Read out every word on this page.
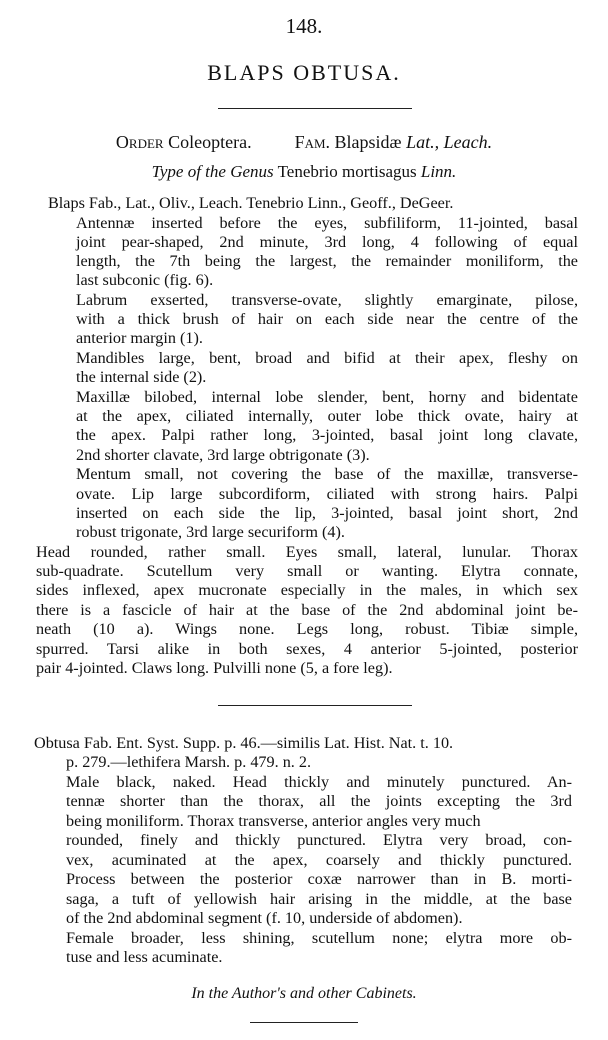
148.
BLAPS OBTUSA.
Order Coleoptera. Fam. Blapsidæ Lat., Leach.
Type of the Genus Tenebrio mortisagus Linn.
Blaps Fab., Lat., Oliv., Leach. Tenebrio Linn., Geoff., DeGeer.
Antennæ inserted before the eyes, subfiliform, 11-jointed, basal
joint pear-shaped, 2nd minute, 3rd long, 4 following of equal
length, the 7th being the largest, the remainder moniliform, the
last subconic (fig. 6).
Labrum exserted, transverse-ovate, slightly emarginate, pilose,
with a thick brush of hair on each side near the centre of the
anterior margin (1).
Mandibles large, bent, broad and bifid at their apex, fleshy on
the internal side (2).
Maxillæ bilobed, internal lobe slender, bent, horny and bidentate
at the apex, ciliated internally, outer lobe thick ovate, hairy at
the apex. Palpi rather long, 3-jointed, basal joint long clavate,
2nd shorter clavate, 3rd large obtrigonate (3).
Mentum small, not covering the base of the maxillæ, transverse-
ovate. Lip large subcordiform, ciliated with strong hairs. Palpi
inserted on each side the lip, 3-jointed, basal joint short, 2nd
robust trigonate, 3rd large securiform (4).
Head rounded, rather small. Eyes small, lateral, lunular. Thorax
sub-quadrate. Scutellum very small or wanting. Elytra connate,
sides inflexed, apex mucronate especially in the males, in which sex
there is a fascicle of hair at the base of the 2nd abdominal joint be-
neath (10 a). Wings none. Legs long, robust. Tibiæ simple,
spurred. Tarsi alike in both sexes, 4 anterior 5-jointed, posterior
pair 4-jointed. Claws long. Pulvilli none (5, a fore leg).
Obtusa Fab. Ent. Syst. Supp. p. 46.—similis Lat. Hist. Nat. t. 10.
p. 279.—lethifera Marsh. p. 479. n. 2.
Male black, naked. Head thickly and minutely punctured. An-
tennæ shorter than the thorax, all the joints excepting the 3rd
being moniliform. Thorax transverse, anterior angles very much
rounded, finely and thickly punctured. Elytra very broad, con-
vex, acuminated at the apex, coarsely and thickly punctured.
Process between the posterior coxæ narrower than in B. morti-
saga, a tuft of yellowish hair arising in the middle, at the base
of the 2nd abdominal segment (f. 10, underside of abdomen).
Female broader, less shining, scutellum none; elytra more ob-
tuse and less acuminate.
In the Author's and other Cabinets.
